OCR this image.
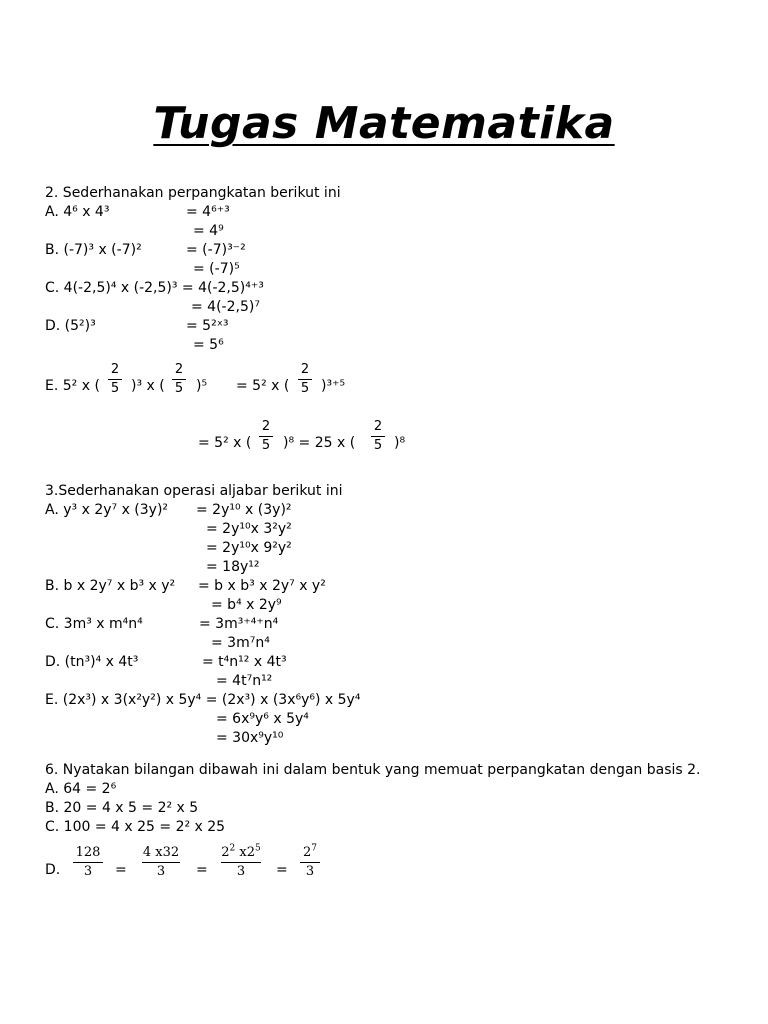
Tugas Matematika
2. Sederhanakan perpangkatan berikut ini
A. 4⁶ x 4³	= 4⁶⁺³
= 4⁹
B. (-7)³ x (-7)²	= (-7)³⁻²
= (-7)⁵
C. 4(-2,5)⁴ x (-2,5)³ = 4(-2,5)⁴⁺³
= 4(-2,5)⁷
D. (5²)³	= 5²ˣ³
= 5⁶
E. 5² x (
2
5 )³ x (
2
5 )⁵ = 5² x (
2
5 )³⁺⁵
= 5² x (
2
5 )⁸ = 25 x (
2
5 )⁸
3.Sederhanakan operasi aljabar berikut ini
A. y³ x 2y⁷ x (3y)² = 2y¹⁰ x (3y)²
= 2y¹⁰x 3²y²
= 2y¹⁰x 9²y²
= 18y¹²
B. b x 2y⁷ x b³ x y² = b x b³ x 2y⁷ x y²
= b⁴ x 2y⁹
C. 3m³ x m⁴n⁴	= 3m³⁺⁴⁺n⁴
= 3m⁷n⁴
D. (tn³)⁴ x 4t³	= t⁴n¹² x 4t³
= 4t⁷n¹²
E. (2x³) x 3(x²y²) x 5y⁴ = (2x³) x (3x⁶y⁶) x 5y⁴
= 6x⁹y⁶ x 5y⁴
= 30x⁹y¹⁰
6. Nyatakan bilangan dibawah ini dalam bentuk yang memuat perpangkatan dengan basis 2.
A. 64 = 2⁶
B. 20 = 4 x 5 = 2² x 5
C. 100 = 4 x 25 = 2² x 25
D.
128
3	=
4 x32
3	=
$2^2$ $x2^5$
3	=
$2^7$
3
